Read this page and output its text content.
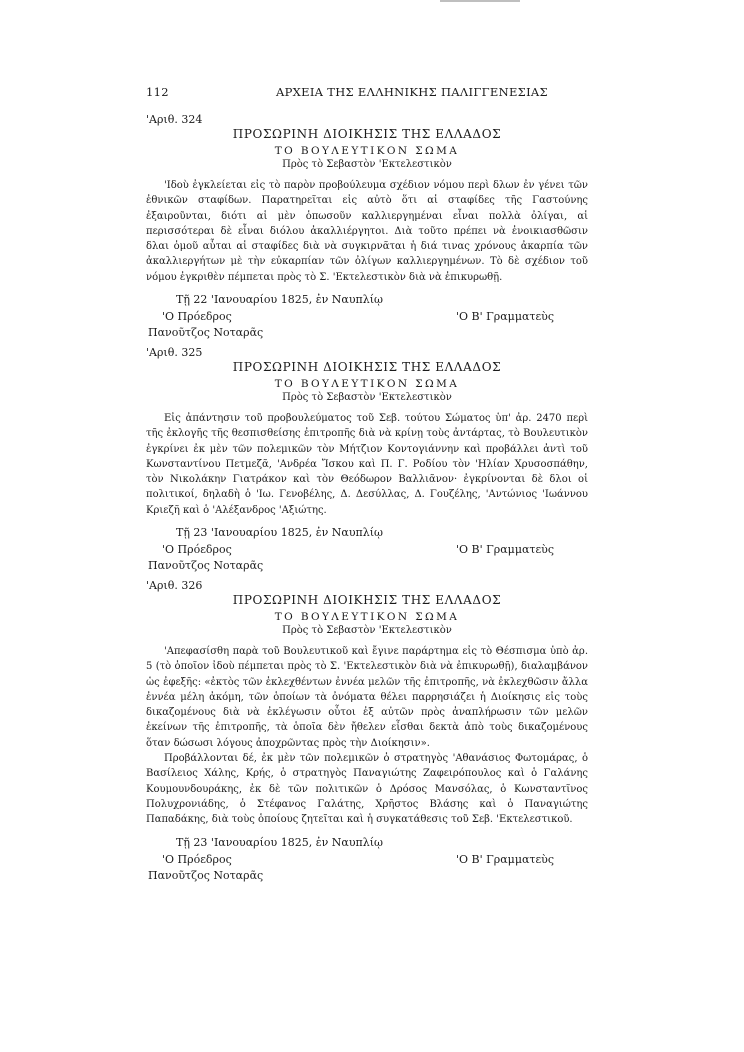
112	ΑΡΧΕΙΑ ΤΗΣ ΕΛΛΗΝΙΚΗΣ ΠΑΛΙΓΓΕΝΕΣΙΑΣ
'Αριθ. 324
ΠΡΟΣΩΡΙΝΗ ΔΙΟΙΚΗΣΙΣ ΤΗΣ ΕΛΛΑΔΟΣ
ΤΟ ΒΟΥΛΕΥΤΙΚΟΝ ΣΩΜΑ
Πρὸς τὸ Σεβαστὸν 'Εκτελεστικὸν

'Ιδοὺ ἐγκλείεται εἰς τὸ παρὸν προβούλευμα σχέδιον νόμου περὶ δλων ἐν γένει τῶν ἐθνικῶν σταφίδων. Παρατηρεῖται εἰς αὐτὸ ὅτι αἱ σταφίδες τῆς Γαστούνης ἐξαιροῦνται, διότι αἱ μὲν ὁπωσοῦν καλλιεργημέναι εἶναι πολλὰ ὀλίγαι, αἱ περισσότεραι δὲ εἶναι διόλου ἀκαλλιέργητοι. Διὰ τοῦτο πρέπει νὰ ἐνοικιασθῶσιν δλαι ὁμοῦ αὗται αἱ σταφίδες διὰ νὰ συγκιρνᾶται ἡ διά τινας χρόνους ἀκαρπία τῶν ἀκαλλιεργήτων μὲ τὴν εὐκαρπίαν τῶν ὀλίγων καλλιεργημένων. Τὸ δὲ σχέδιον τοῦ νόμου ἐγκριθὲν πέμπεται πρὸς τὸ Σ. 'Εκτελεστικὸν διὰ νὰ ἐπικυρωθῇ.

Τῇ 22 'Ιανουαρίου 1825, ἐν Ναυπλίῳ
'Ο Πρόεδρος	'Ο Β' Γραμματεὺς
Πανοῦτζος Νοταρᾶς
'Αριθ. 325
ΠΡΟΣΩΡΙΝΗ ΔΙΟΙΚΗΣΙΣ ΤΗΣ ΕΛΛΑΔΟΣ
ΤΟ ΒΟΥΛΕΥΤΙΚΟΝ ΣΩΜΑ
Πρὸς τὸ Σεβαστὸν 'Εκτελεστικὸν

Εἰς ἀπάντησιν τοῦ προβουλεύματος τοῦ Σεβ. τούτου Σώματος ὑπ' ἀρ. 2470 περὶ τῆς ἐκλογῆς τῆς θεσπισθείσης ἐπιτροπῆς διὰ νὰ κρίνῃ τοὺς ἀντάρτας, τὸ Βουλευτικὸν ἐγκρίνει ἐκ μὲν τῶν πολεμικῶν τὸν Μήτζιον Κοντογιάννην καὶ προβάλλει ἀντὶ τοῦ Κωνσταντίνου Πετμεζᾶ, 'Ανδρέα Ἴσκου καὶ Π. Γ. Ροδίου τὸν 'Ηλίαν Χρυσοσπάθην, τὸν Νικολάκην Γιατράκον καὶ τὸν Θεόδωρον Βαλλιᾶνον· ἐγκρίνονται δὲ δλοι οἱ πολιτικοί, δηλαδὴ ὁ 'Ιω. Γενοβέλης, Δ. Δεσύλλας, Δ. Γουζέλης, 'Αντώνιος 'Ιωάννου Κριεζῆ καὶ ὁ 'Αλέξανδρος 'Αξιώτης.

Τῇ 23 'Ιανουαρίου 1825, ἐν Ναυπλίῳ
'Ο Πρόεδρος	'Ο Β' Γραμματεὺς
Πανοῦτζος Νοταρᾶς
'Αριθ. 326
ΠΡΟΣΩΡΙΝΗ ΔΙΟΙΚΗΣΙΣ ΤΗΣ ΕΛΛΑΔΟΣ
ΤΟ ΒΟΥΛΕΥΤΙΚΟΝ ΣΩΜΑ
Πρὸς τὸ Σεβαστὸν 'Εκτελεστικὸν

'Απεφασίσθη παρὰ τοῦ Βουλευτικοῦ καὶ ἔγινε παράρτημα εἰς τὸ Θέσπισμα ὑπὸ ἀρ. 5 (τὸ ὁποῖον ἰδοὺ πέμπεται πρὸς τὸ Σ. 'Εκτελεστικὸν διὰ νὰ ἐπικυρωθῇ), διαλαμβάνον ὡς ἐφεξῆς: «ἐκτὸς τῶν ἐκλεχθέντων ἐννέα μελῶν τῆς ἐπιτροπῆς, νὰ ἐκλεχθῶσιν ἄλλα ἐννέα μέλη ἀκόμη, τῶν ὁποίων τὰ ὀνόματα θέλει παρρησιάζει ἡ Διοίκησις εἰς τοὺς δικαζομένους διὰ νὰ ἐκλέγωσιν οὗτοι ἐξ αὐτῶν πρὸς ἀναπλήρωσιν τῶν μελῶν ἐκείνων τῆς ἐπιτροπῆς, τὰ ὁποῖα δὲν ἤθελεν εἶσθαι δεκτὰ ἀπὸ τοὺς δικαζομένους ὅταν δώσωσι λόγους ἀποχρῶντας πρὸς τὴν Διοίκησιν».

Προβάλλονται δέ, ἐκ μὲν τῶν πολεμικῶν ὁ στρατηγὸς 'Αθανάσιος Φωτομάρας, ὁ Βασίλειος Χάλης, Κρής, ὁ στρατηγὸς Παναγιώτης Ζαφειρόπουλος καὶ ὁ Γαλάνης Κουμουνδουράκης, ἐκ δὲ τῶν πολιτικῶν ὁ Δρόσος Μανσόλας, ὁ Κωνσταντῖνος Πολυχρονιάδης, ὁ Στέφανος Γαλάτης, Χρῆστος Βλάσης καὶ ὁ Παναγιώτης Παπαδάκης, διὰ τοὺς ὁποίους ζητεῖται καὶ ἡ συγκατάθεσις τοῦ Σεβ. 'Εκτελεστικοῦ.

Τῇ 23 'Ιανουαρίου 1825, ἐν Ναυπλίῳ
'Ο Πρόεδρος	'Ο Β' Γραμματεὺς
Πανοῦτζος Νοταρᾶς
